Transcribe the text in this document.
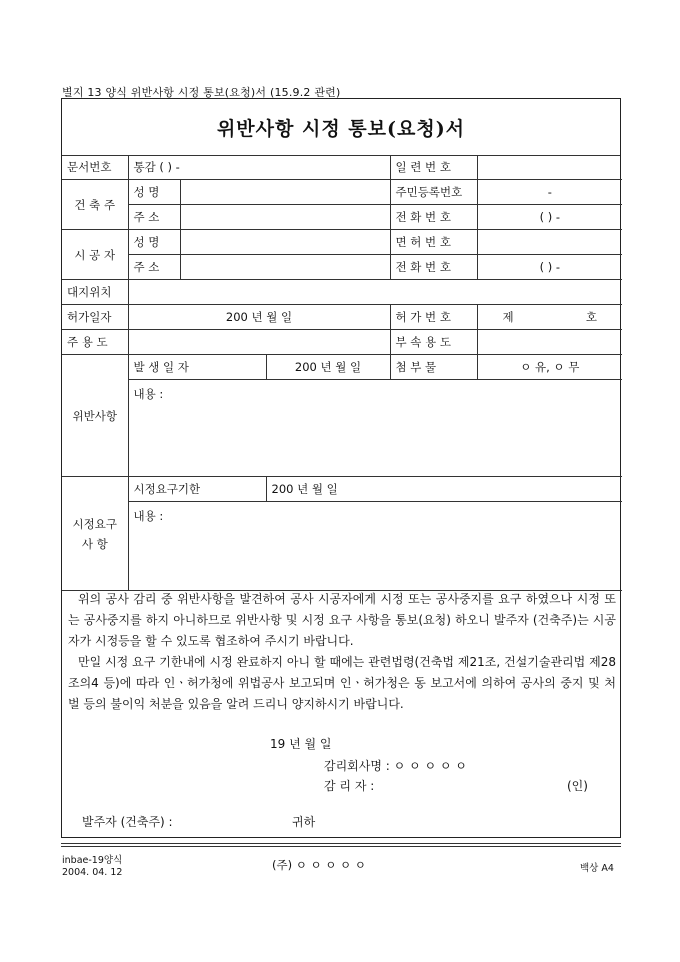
별지 13 양식 위반사항 시정 통보(요청)서 (15.9.2 관련)
위반사항 시정 통보(요청)서
문서번호	통감 ( ) -			일 련 번 호	
건 축 주	성 명			주민등록번호	-
	주 소			전 화 번 호	( ) -
시 공 자	성 명			면 허 번 호	
	주 소			전 화 번 호	( ) -
대지위치					
허가일자	200 년 월 일			허 가 번 호	제 호

주 용 도				부 속 용 도	
위반사항	발 생 일 자		200 년 월 일	첨 부 물	ㅇ 유, ㅇ 무
	내용 :				

시정요구
사 항	시정요구기한		200 년 월 일		
	내용 :				

위의 공사 감리 중 위반사항을 발견하여 공사 시공자에게 시정 또는 공사중지를 요구 하였으나 시정 또는 공사중지를 하지 아니하므로 위반사항 및 시정 요구 사항을 통보(요청) 하오니 발주자 (건축주)는 시공자가 시정등을 할 수 있도록 협조하여 주시기 바랍니다.

만일 시정 요구 기한내에 시정 완료하지 아니 할 때에는 관련법령(건축법 제21조, 건설기술관리법 제28조의4 등)에 따라 인ㆍ허가청에 위법공사 보고되며 인ㆍ허가청은 동 보고서에 의하여 공사의 중지 및 처벌 등의 불이익 처분을 있음을 알려 드리니 양지하시기 바랍니다.

19 년 월 일
감리회사명 : ㅇ ㅇ ㅇ ㅇ ㅇ
감 리 자 :	(인)
발주자 (건축주) :	귀하
inbae-19양식
2004. 04. 12
(주) ㅇ ㅇ ㅇ ㅇ ㅇ	백상 A4
